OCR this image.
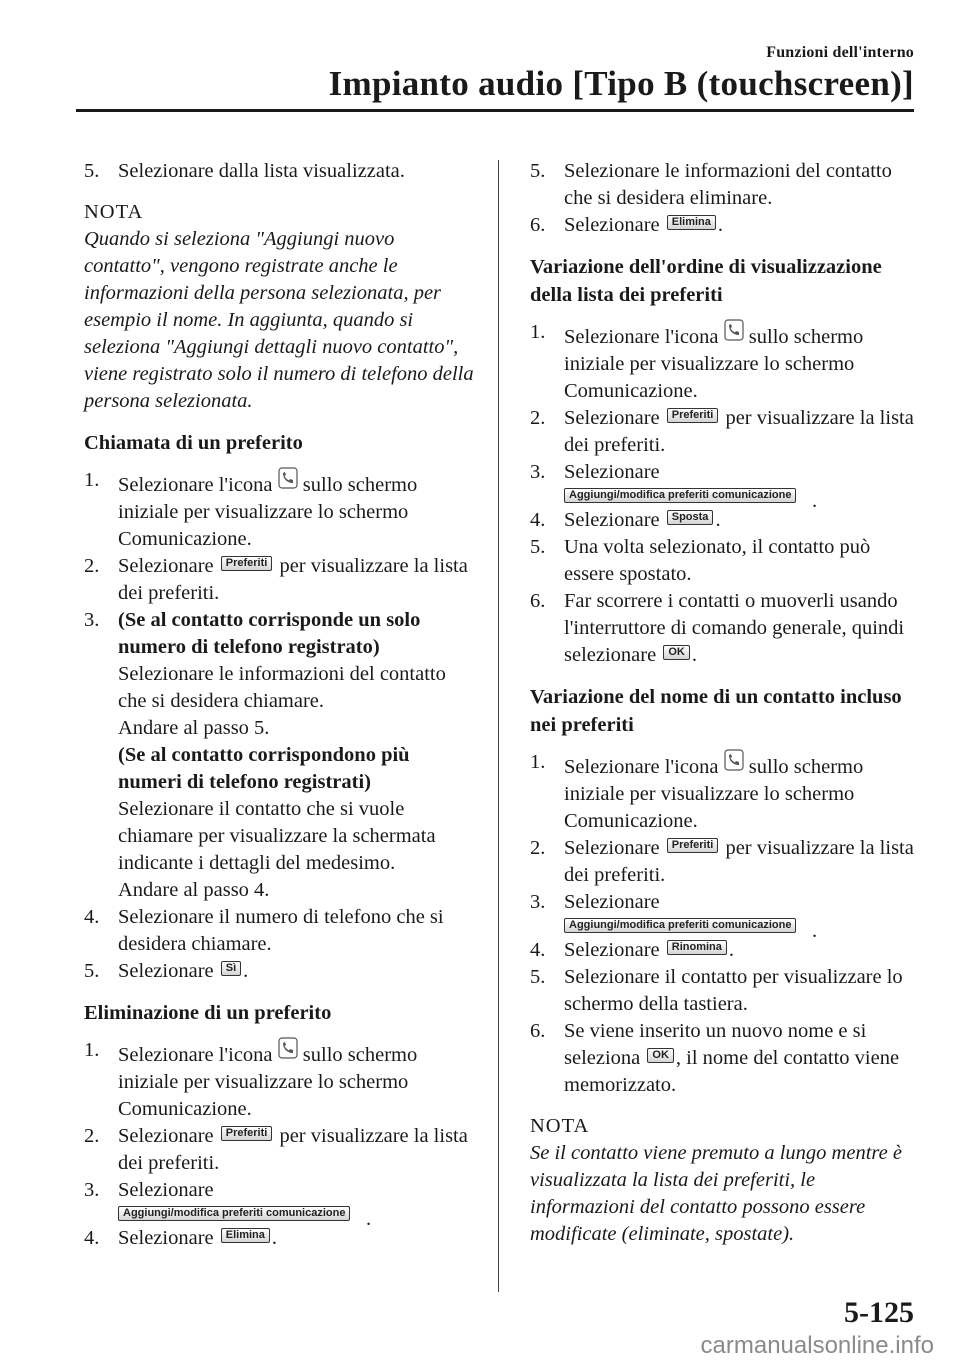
Funzioni dell'interno
Impianto audio [Tipo B (touchscreen)]

5. Selezionare dalla lista visualizzata.

NOTA
Quando si seleziona "Aggiungi nuovo contatto", vengono registrate anche le informazioni della persona selezionata, per esempio il nome. In aggiunta, quando si seleziona "Aggiungi dettagli nuovo contatto", viene registrato solo il numero di telefono della persona selezionata.
Chiamata di un preferito

1. Selezionare l'icona sullo schermo iniziale per visualizzare lo schermo Comunicazione.

2. Selezionare Preferiti per visualizzare la lista dei preferiti.

3. (Se al contatto corrisponde un solo numero di telefono registrato)
Selezionare le informazioni del contatto che si desidera chiamare.
Andare al passo 5.
(Se al contatto corrispondono più numeri di telefono registrati)
Selezionare il contatto che si vuole chiamare per visualizzare la schermata indicante i dettagli del medesimo.
Andare al passo 4.

4. Selezionare il numero di telefono che si desidera chiamare.

5. Selezionare Sì .

Eliminazione di un preferito

1. Selezionare l'icona sullo schermo iniziale per visualizzare lo schermo Comunicazione.

2. Selezionare Preferiti per visualizzare la lista dei preferiti.

3. Selezionare
Aggiungi/modifica preferiti comunicazione .

4. Selezionare Elimina .

5. Selezionare le informazioni del contatto che si desidera eliminare.

6. Selezionare Elimina .

Variazione dell'ordine di visualizzazione della lista dei preferiti

1. Selezionare l'icona sullo schermo iniziale per visualizzare lo schermo Comunicazione.

2. Selezionare Preferiti per visualizzare la lista dei preferiti.

3. Selezionare
Aggiungi/modifica preferiti comunicazione .

4. Selezionare Sposta .

5. Una volta selezionato, il contatto può essere spostato.

6. Far scorrere i contatti o muoverli usando l'interruttore di comando generale, quindi selezionare OK .

Variazione del nome di un contatto incluso nei preferiti

1. Selezionare l'icona sullo schermo iniziale per visualizzare lo schermo Comunicazione.

2. Selezionare Preferiti per visualizzare la lista dei preferiti.

3. Selezionare
Aggiungi/modifica preferiti comunicazione .

4. Selezionare Rinomina .

5. Selezionare il contatto per visualizzare lo schermo della tastiera.

6. Se viene inserito un nuovo nome e si seleziona OK , il nome del contatto viene memorizzato.

NOTA
Se il contatto viene premuto a lungo mentre è visualizzata la lista dei preferiti, le informazioni del contatto possono essere modificate (eliminate, spostate).
5-125
carmanualsonline.info
